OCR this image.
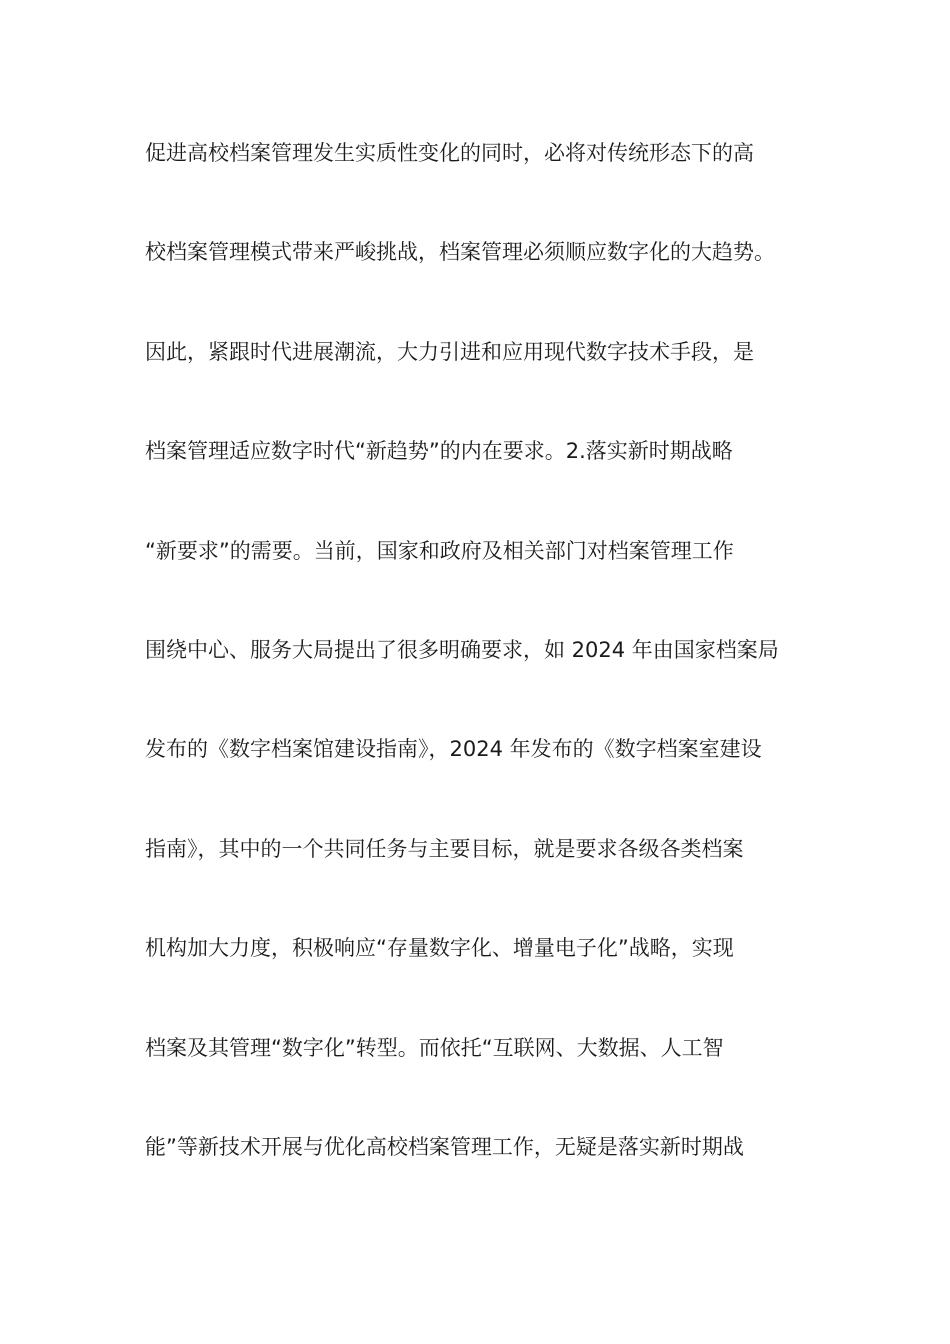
促进高校档案管理发生实质性变化的同时，必将对传统形态下的高
校档案管理模式带来严峻挑战，档案管理必须顺应数字化的大趋势。
因此，紧跟时代进展潮流，大力引进和应用现代数字技术手段，是
档案管理适应数字时代“新趋势”的内在要求。2.落实新时期战略
“新要求”的需要。当前，国家和政府及相关部门对档案管理工作
围绕中心、服务大局提出了很多明确要求，如 2024 年由国家档案局
发布的《数字档案馆建设指南》，2024 年发布的《数字档案室建设
指南》，其中的一个共同任务与主要目标，就是要求各级各类档案
机构加大力度，积极响应“存量数字化、增量电子化”战略，实现
档案及其管理“数字化”转型。而依托“互联网、大数据、人工智
能”等新技术开展与优化高校档案管理工作，无疑是落实新时期战
